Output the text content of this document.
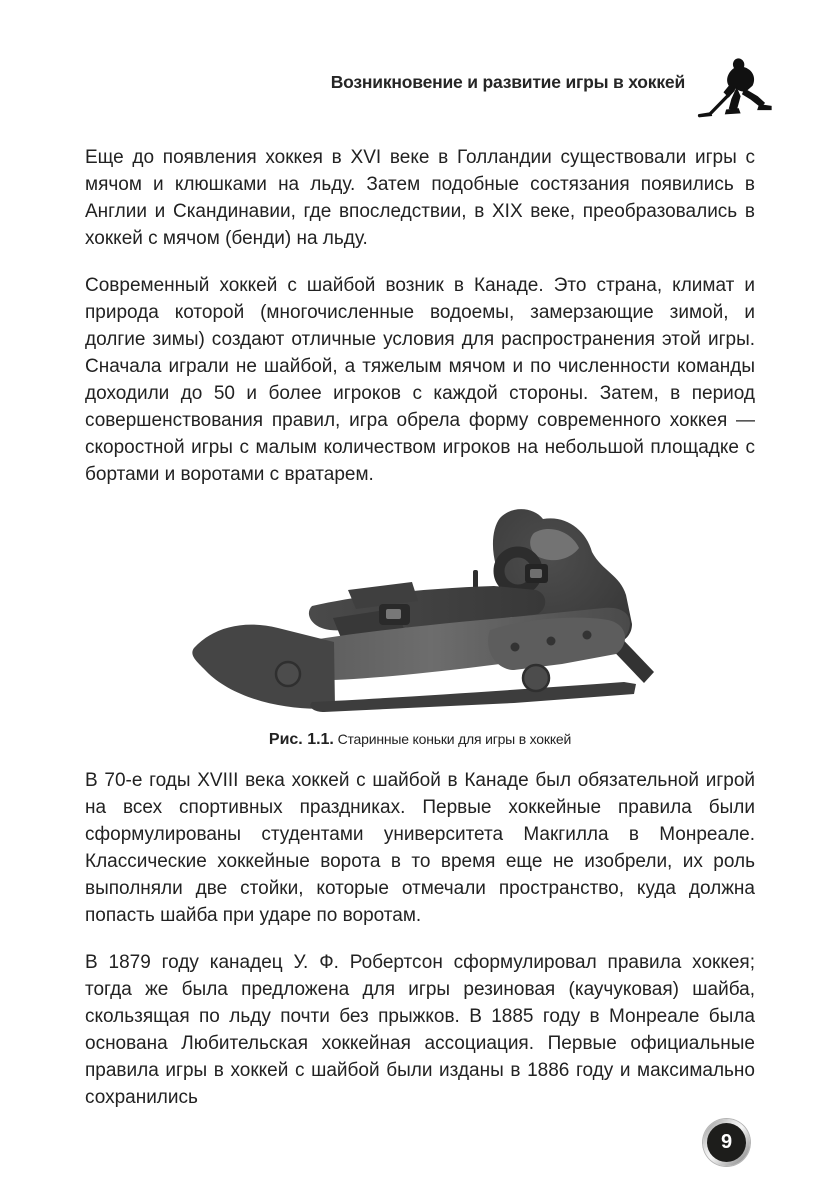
Возникновение и развитие игры в хоккей

Еще до появления хоккея в XVI веке в Голландии существовали игры с мячом и клюшками на льду. Затем подобные состязания появились в Англии и Скандинавии, где впоследствии, в XIX веке, преобразовались в хоккей с мячом (бенди) на льду.

Современный хоккей с шайбой возник в Канаде. Это страна, климат и природа которой (многочисленные водоемы, замерзающие зимой, и долгие зимы) создают отличные условия для распространения этой игры. Сначала играли не шайбой, а тяжелым мячом и по численности команды доходили до 50 и более игроков с каждой стороны. Затем, в период совершенствования правил, игра обрела форму современного хоккея — скоростной игры с малым количеством игроков на небольшой площадке с бортами и воротами с вратарем.

Рис. 1.1. Старинные коньки для игры в хоккей

В 70-е годы XVIII века хоккей с шайбой в Канаде был обязательной игрой на всех спортивных праздниках. Первые хоккейные правила были сформулированы студентами университета Макгилла в Монреале. Классические хоккейные ворота в то время еще не изобрели, их роль выполняли две стойки, которые отмечали пространство, куда должна попасть шайба при ударе по воротам.

В 1879 году канадец У. Ф. Робертсон сформулировал правила хоккея; тогда же была предложена для игры резиновая (каучуковая) шайба, скользящая по льду почти без прыжков. В 1885 году в Монреале была основана Любительская хоккейная ассоциация. Первые официальные правила игры в хоккей с шайбой были изданы в 1886 году и максимально сохранились

9
